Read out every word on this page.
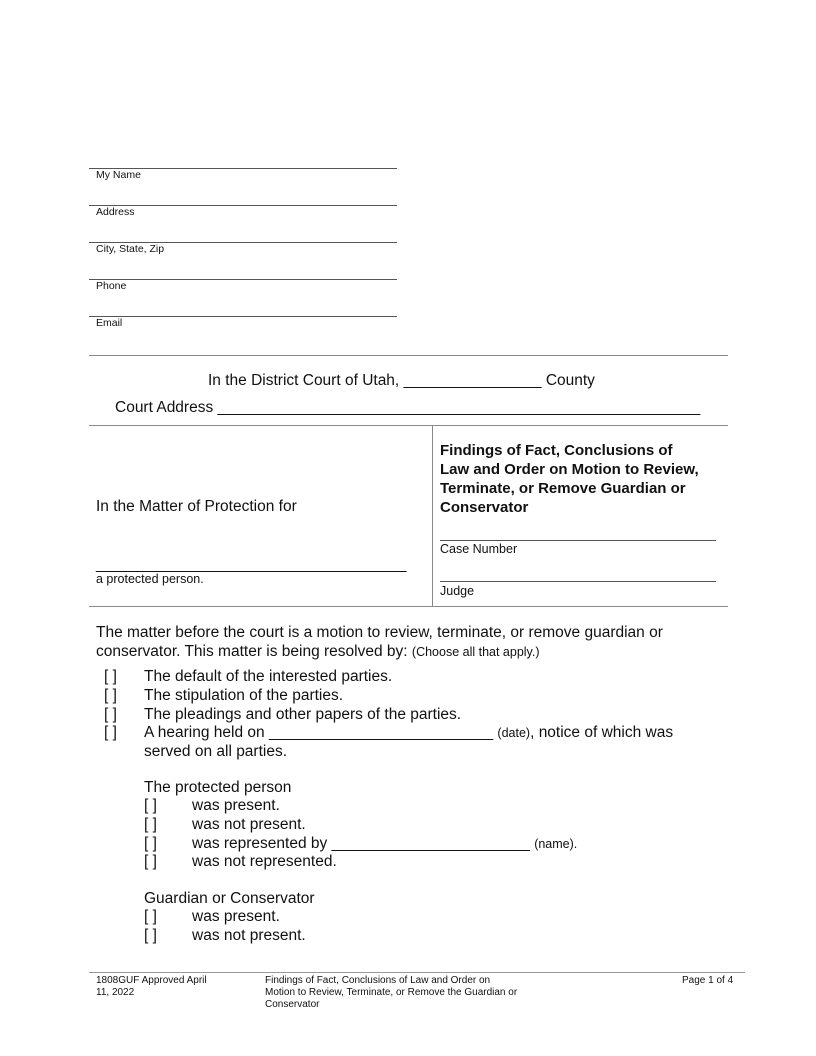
My Name
Address
City, State, Zip
Phone
Email
In the District Court of Utah, ________________ County
Court Address ________________________________________________________
In the Matter of Protection for
____________________________________
a protected person.
Findings of Fact, Conclusions of
Law and Order on Motion to Review,
Terminate, or Remove Guardian or
Conservator
Case Number
Judge
The matter before the court is a motion to review, terminate, or remove guardian or
conservator. This matter is being resolved by: (Choose all that apply.)
[ ] The default of the interested parties.
[ ] The stipulation of the parties.
[ ] The pleadings and other papers of the parties.
[ ] A hearing held on __________________________ (date), notice of which was
served on all parties.
The protected person
[ ] was present.
[ ] was not present.
[ ] was represented by _______________________ (name).
[ ] was not represented.
Guardian or Conservator
[ ] was present.
[ ] was not present.
1808GUF Approved April
11, 2022
Findings of Fact, Conclusions of Law and Order on
Motion to Review, Terminate, or Remove the Guardian or
Conservator
Page 1 of 4
